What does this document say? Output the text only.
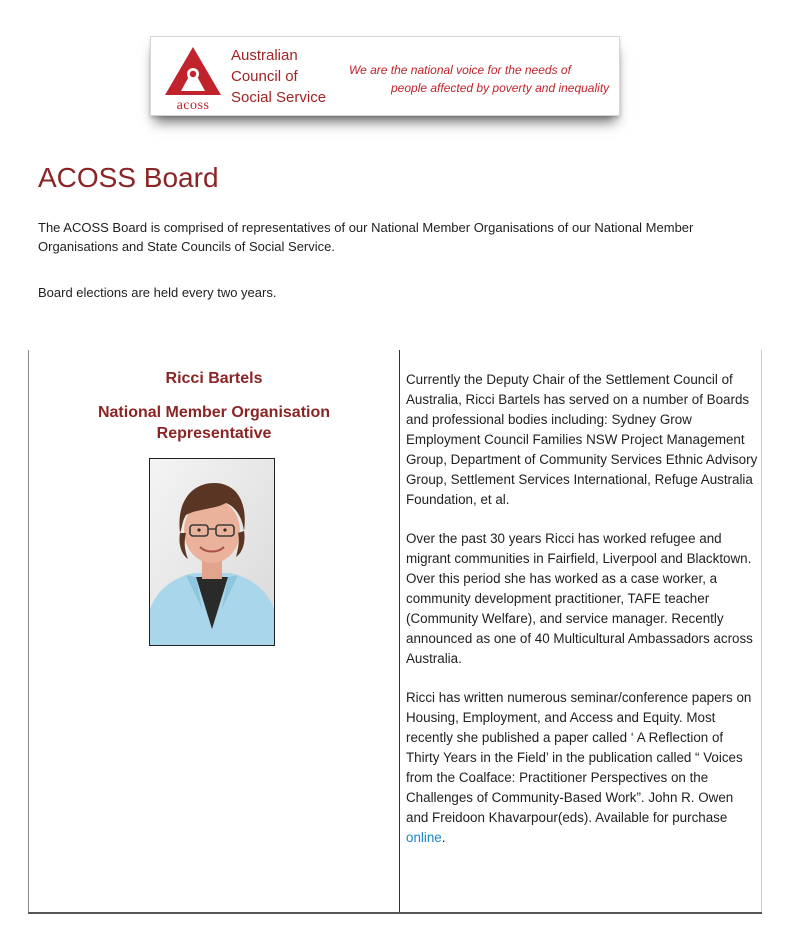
acoss
Australian
Council of
Social Service
We are the national voice for the needs of
people affected by poverty and inequality
ACOSS Board

The ACOSS Board is comprised of representatives of our National Member Organisations of our National Member Organisations and State Councils of Social Service.

Board elections are held every two years.

Ricci Bartels

National Member Organisation Representative

Currently the Deputy Chair of the Settlement Council of Australia, Ricci Bartels has served on a number of Boards and professional bodies including: Sydney Grow Employment Council Families NSW Project Management Group, Department of Community Services Ethnic Advisory Group, Settlement Services International, Refuge Australia Foundation, et al.

Over the past 30 years Ricci has worked refugee and migrant communities in Fairfield, Liverpool and Blacktown. Over this period she has worked as a case worker, a community development practitioner, TAFE teacher (Community Welfare), and service manager. Recently announced as one of 40 Multicultural Ambassadors across Australia.

Ricci has written numerous seminar/conference papers on Housing, Employment, and Access and Equity. Most recently she published a paper called ‘ A Reflection of Thirty Years in the Field’ in the publication called “ Voices from the Coalface: Practitioner Perspectives on the Challenges of Community-Based Work”. John R. Owen and Freidoon Khavarpour(eds). Available for purchase online.
